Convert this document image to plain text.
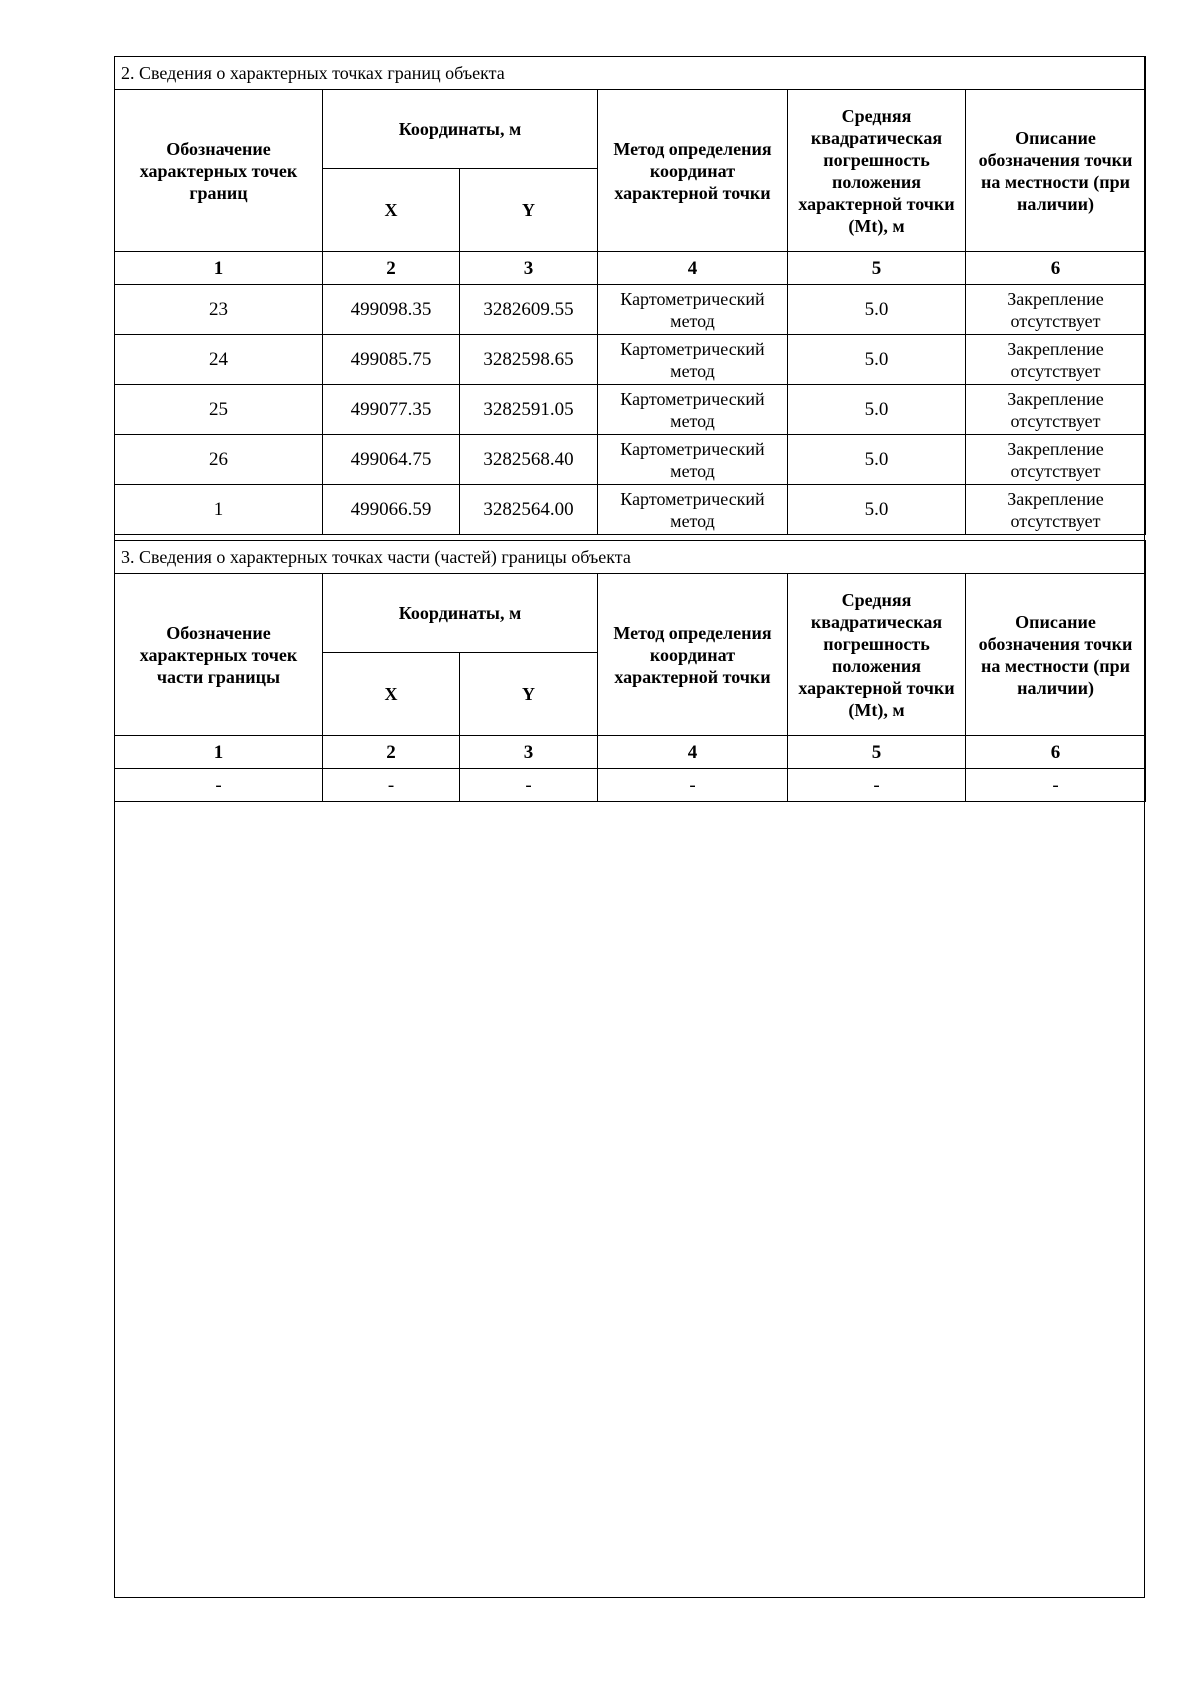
2. Сведения о характерных точках границ объекта					
Обозначение характерных точек границ	Координаты, м		Метод определения координат характерной точки	Средняя квадратическая погрешность положения характерной точки (Mt), м	Описание обозначения точки на местности (при наличии)
	X	Y			
1	2	3	4	5	6
23	499098.35	3282609.55	Картометрический метод	5.0	Закрепление отсутствует
24	499085.75	3282598.65	Картометрический метод	5.0	Закрепление отсутствует
25	499077.35	3282591.05	Картометрический метод	5.0	Закрепление отсутствует
26	499064.75	3282568.40	Картометрический метод	5.0	Закрепление отсутствует
1	499066.59	3282564.00	Картометрический метод	5.0	Закрепление отсутствует
3. Сведения о характерных точках части (частей) границы объекта					
Обозначение характерных точек части границы	Координаты, м		Метод определения координат характерной точки	Средняя квадратическая погрешность положения характерной точки (Mt), м	Описание обозначения точки на местности (при наличии)
	X	Y			
1	2	3	4	5	6
-	-	-	-	-	-
